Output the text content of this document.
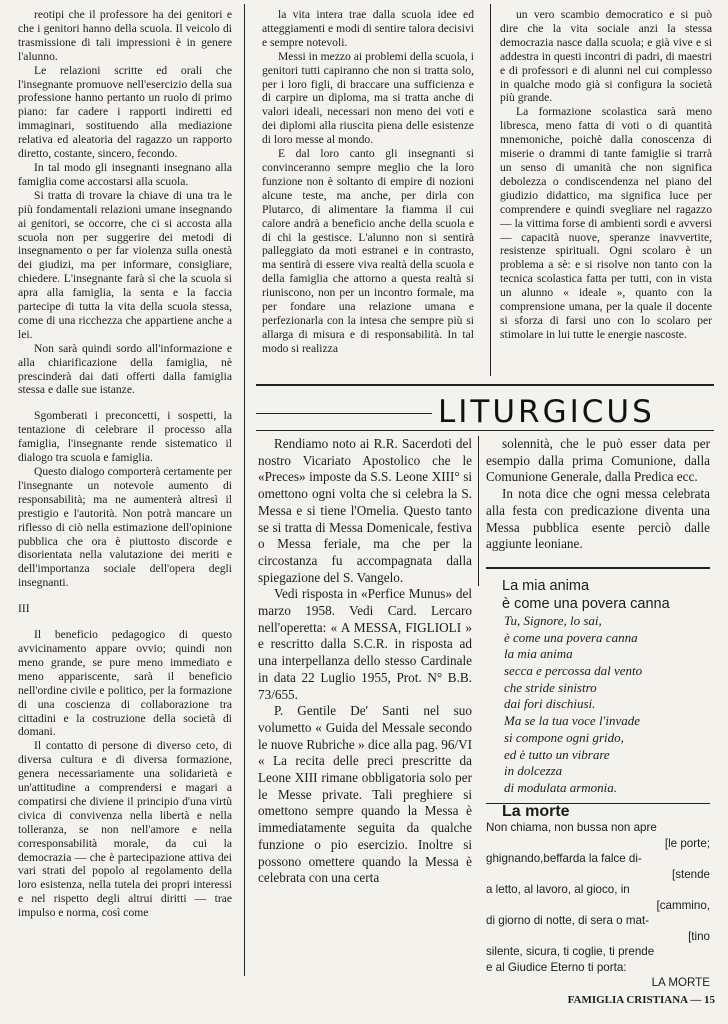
reotipi che il professore ha dei genitori e che i genitori hanno della scuola. Il veicolo di trasmissione di tali impressioni è in genere l'alunno.

Le relazioni scritte ed orali che l'insegnante promuove nell'esercizio della sua professione hanno pertanto un ruolo di primo piano: far cadere i rapporti indiretti ed immaginari, sostituendo alla mediazione relativa ed aleatoria del ragazzo un rapporto diretto, costante, sincero, fecondo.

In tal modo gli insegnanti insegnano alla famiglia come accostarsi alla scuola.

Si tratta di trovare la chiave di una tra le più fondamentali relazioni umane insegnando ai genitori, se occorre, che ci si accosta alla scuola non per suggerire dei metodi di insegnamento o per far violenza sulla onestà dei giudizi, ma per informare, consigliare, chiedere. L'insegnante farà sì che la scuola si apra alla famiglia, la senta e la faccia partecipe di tutta la vita della scuola stessa, come di una ricchezza che appartiene anche a lei.

Non sarà quindi sordo all'informazione e alla chiarificazione della famiglia, nè prescinderà dai dati offerti dalla famiglia stessa e dalle sue istanze.

Sgomberati i preconcetti, i sospetti, la tentazione di celebrare il processo alla famiglia, l'insegnante rende sistematico il dialogo tra scuola e famiglia.

Questo dialogo comporterà certamente per l'insegnante un notevole aumento di responsabilità; ma ne aumenterà altresì il prestigio e l'autorità. Non potrà mancare un riflesso di ciò nella estimazione dell'opinione pubblica che ora è piuttosto discorde e disorientata nella valutazione dei meriti e dell'importanza sociale dell'opera degli insegnanti.

III

Il beneficio pedagogico di questo avvicinamento appare ovvio; quindi non meno grande, se pure meno immediato e meno appariscente, sarà il beneficio nell'ordine civile e politico, per la formazione di una coscienza di collaborazione tra cittadini e la costruzione della società di domani.

Il contatto di persone di diverso ceto, di diversa cultura e di diversa formazione, genera necessariamente una solidarietà e un'attitudine a comprendersi e magari a compatirsi che diviene il principio d'una virtù civica di convivenza nella libertà e nella tolleranza, se non nell'amore e nella corresponsabilità morale, da cui la democrazia — che è partecipazione attiva dei vari strati del popolo al regolamento della loro esistenza, nella tutela dei propri interessi e nel rispetto degli altrui diritti — trae impulso e norma, così come

la vita intera trae dalla scuola idee ed atteggiamenti e modi di sentire talora decisivi e sempre notevoli.

Messi in mezzo ai problemi della scuola, i genitori tutti capiranno che non si tratta solo, per i loro figli, di braccare una sufficienza e di carpire un diploma, ma si tratta anche di valori ideali, necessari non meno dei voti e dei diplomi alla riuscita piena delle esistenze di loro messe al mondo.

E dal loro canto gli insegnanti si convinceranno sempre meglio che la loro funzione non è soltanto di empire di nozioni alcune teste, ma anche, per dirla con Plutarco, di alimentare la fiamma il cui calore andrà a beneficio anche della scuola e di chi la gestisce. L'alunno non si sentirà palleggiato da moti estranei e in contrasto, ma sentirà di essere viva realtà della scuola e della famiglia che attorno a questa realtà si riuniscono, non per un incontro formale, ma per fondare una relazione umana e perfezionarla con la intesa che sempre più si allarga di misura e di responsabilità. In tal modo si realizza

un vero scambio democratico e si può dire che la vita sociale anzi la stessa democrazia nasce dalla scuola; e già vive e si addestra in questi incontri di padri, di maestri e di professori e di alunni nel cui complesso in qualche modo già si configura la società più grande.

La formazione scolastica sarà meno libresca, meno fatta di voti o di quantità mnemoniche, poichè dalla conoscenza di miserie o drammi di tante famiglie si trarrà un senso di umanità che non significa debolezza o condiscendenza nel piano del giudizio didattico, ma significa luce per comprendere e quindi svegliare nel ragazzo — la vittima forse di ambienti sordi e avversi — capacità nuove, speranze inavvertite, resistenze spirituali. Ogni scolaro è un problema a sè: e si risolve non tanto con la tecnica scolastica fatta per tutti, con in vista un alunno « ideale », quanto con la comprensione umana, per la quale il docente si sforza di farsi uno con lo scolaro per stimolare in lui tutte le energie nascoste.

LITURGICUS

Rendiamo noto ai R.R. Sacerdoti del nostro Vicariato Apostolico che le «Preces» imposte da S.S. Leone XIII° si omettono ogni volta che si celebra la S. Messa e si tiene l'Omelia. Questo tanto se si tratta di Messa Domenicale, festiva o Messa feriale, ma che per la circostanza fu accompagnata dalla spiegazione del S. Vangelo.

Vedi risposta in «Perfice Munus» del marzo 1958. Vedi Card. Lercaro nell'operetta: « A MESSA, FIGLIOLI » e rescritto dalla S.C.R. in risposta ad una interpellanza dello stesso Cardinale in data 22 Luglio 1955, Prot. N° B.B. 73/655.

P. Gentile De' Santi nel suo volumetto « Guida del Messale secondo le nuove Rubriche » dice alla pag. 96/VI « La recita delle preci prescritte da Leone XIII rimane obbligatoria solo per le Messe private. Tali preghiere si omettono sempre quando la Messa è immediatamente seguita da qualche funzione o pio esercizio. Inoltre si possono omettere quando la Messa è celebrata con una certa

solennità, che le può esser data per esempio dalla prima Comunione, dalla Comunione Generale, dalla Predica ecc.

In nota dice che ogni messa celebrata alla festa con predicazione diventa una Messa pubblica esente perciò dalle aggiunte leoniane.

La mia anima

è come una povera canna

Tu, Signore, lo sai,

è come una povera canna

la mia anima

secca e percossa dal vento

che stride sinistro

dai fori dischiusi.

Ma se la tua voce l'invade

si compone ogni grido,

ed è tutto un vibrare

in dolcezza

di modulata armonia.

La morte

Non chiama, non bussa non apre

[le porte;

ghignando,beffarda la falce di-

[stende

a letto, al lavoro, al gioco, in

[cammino,

di giorno di notte, di sera o mat-

[tino

silente, sicura, ti coglie, ti prende

e al Giudice Eterno ti porta:

LA MORTE

FAMIGLIA CRISTIANA — 15
